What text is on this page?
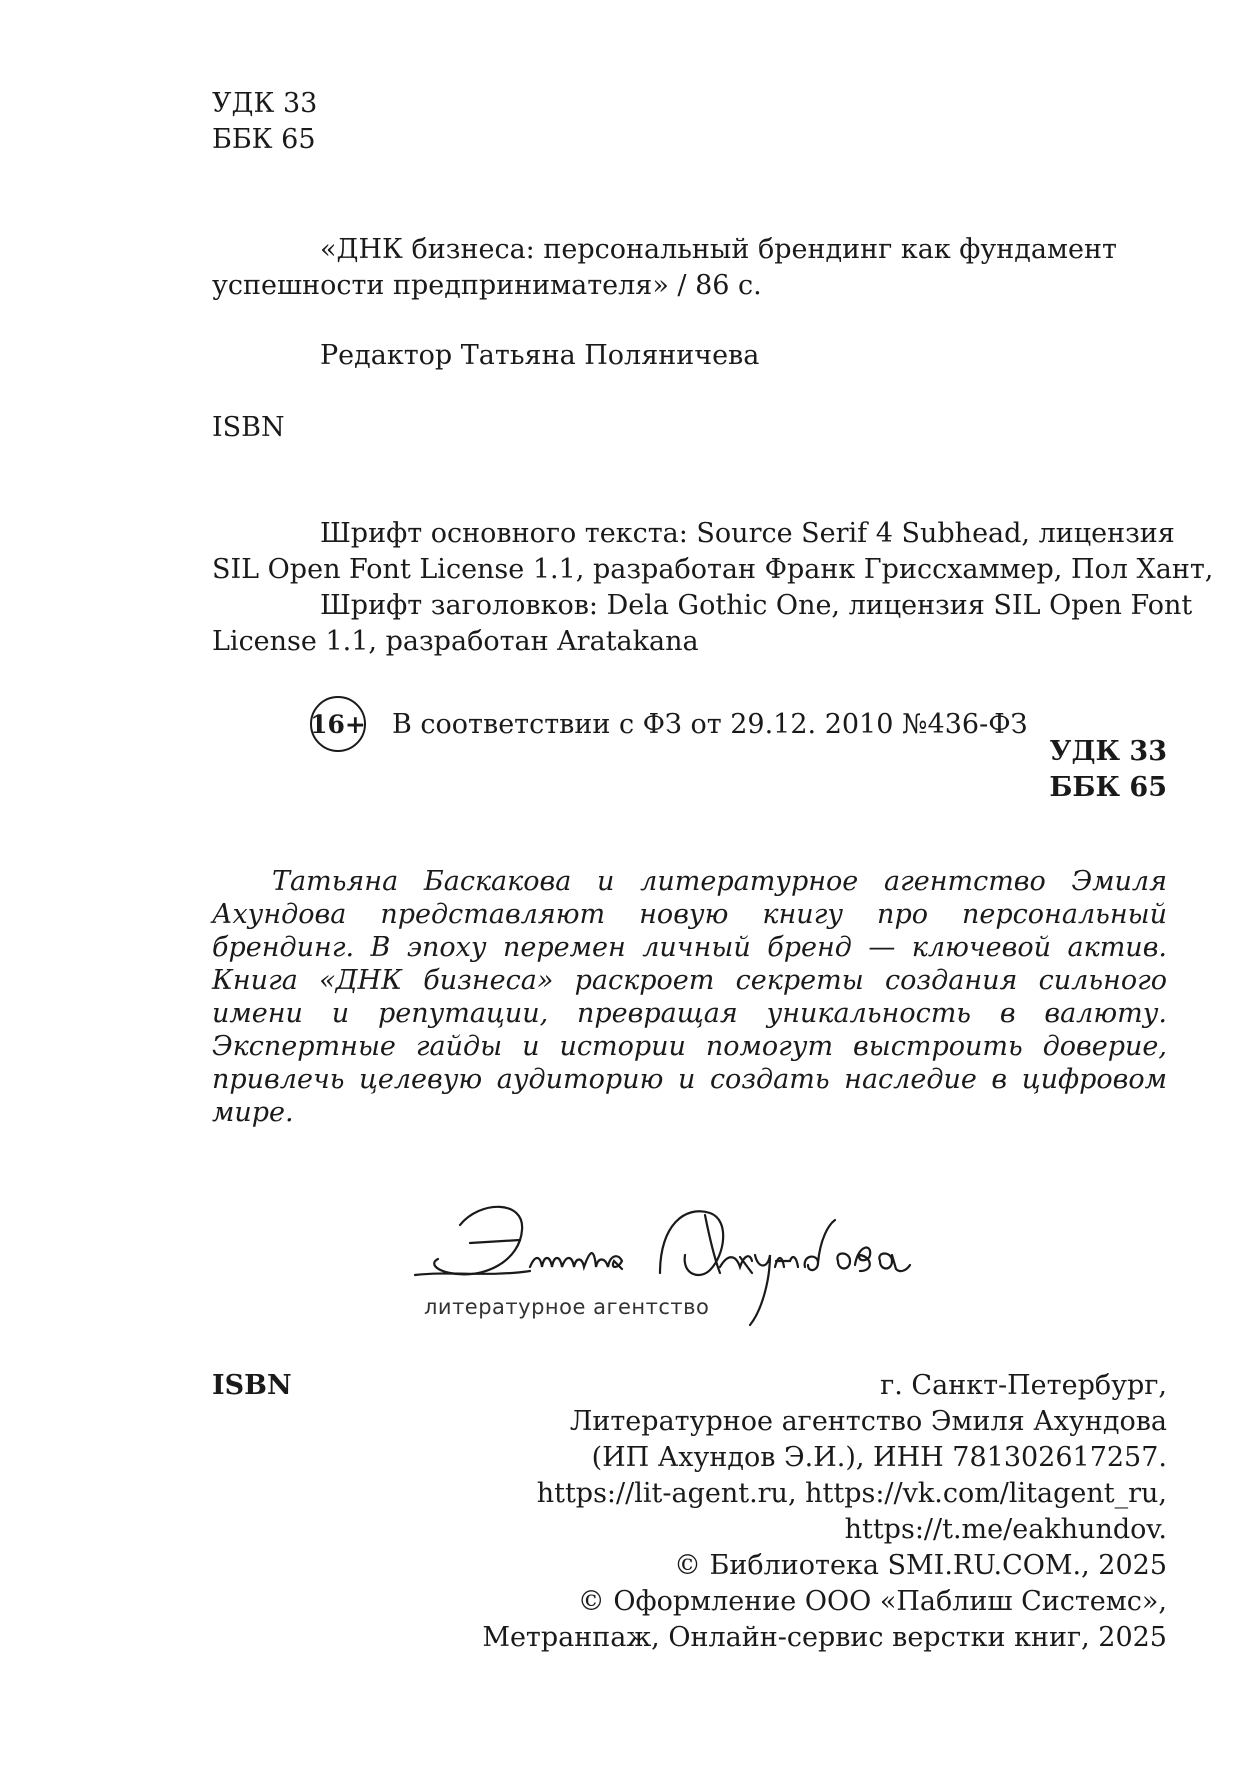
УДК 33
ББК 65
«ДНК бизнеса: персональный брендинг как фундамент
успешности предпринимателя» / 86 с.
Редактор Татьяна Поляничева
ISBN
Шрифт основного текста: Source Serif 4 Subhead, лицензия
SIL Open Font License 1.1, разработан Франк Гриссхаммер, Пол Хант,
Шрифт заголовков: Dela Gothic One, лицензия SIL Open Font
License 1.1, разработан Aratakana
16+ В соответствии с ФЗ от 29.12. 2010 №436-ФЗ
УДК 33
ББК 65

Татьяна Баскакова и литературное агентство Эмиля Ахундова представляют новую книгу про персональный брендинг. В эпоху перемен личный бренд — ключевой актив. Книга «ДНК бизнеса» раскроет секреты создания сильного имени и репутации, превращая уникальность в валюту. Экспертные гайды и истории помогут выстроить доверие, привлечь целевую аудиторию и создать наследие в цифровом мире.

литературное агентство
ISBN	г. Санкт-Петербург,
Литературное агентство Эмиля Ахундова
(ИП Ахундов Э.И.), ИНН 781302617257.
https://lit-agent.ru, https://vk.com/litagent_ru,
https://t.me/eakhundov.
© Библиотека SMI.RU.COM., 2025
© Оформление ООО «Паблиш Системс»,
Метранпаж, Онлайн-сервис верстки книг, 2025
